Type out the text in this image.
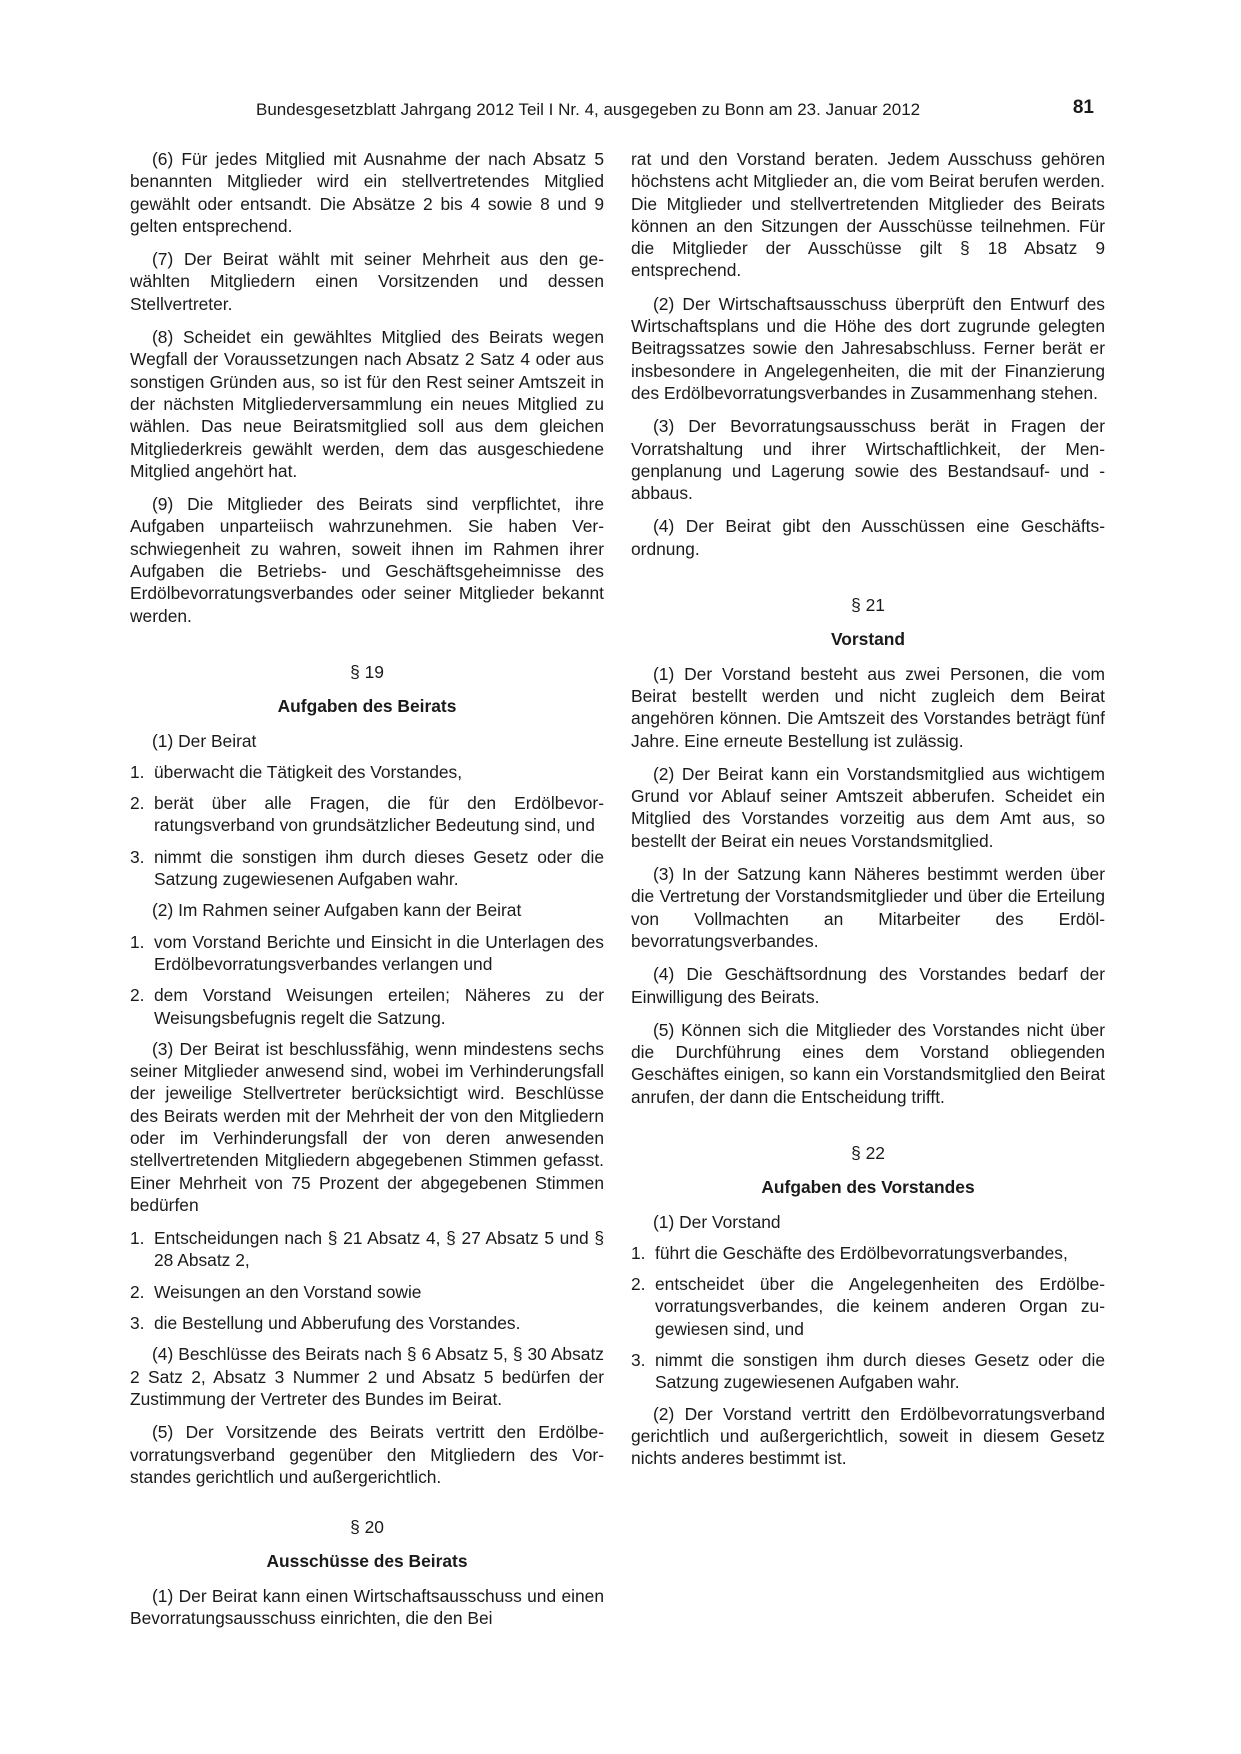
Bundesgesetzblatt Jahrgang 2012 Teil I Nr. 4, ausgegeben zu Bonn am 23. Januar 2012	81

(6) Für jedes Mitglied mit Ausnahme der nach Absatz 5 benannten Mitglieder wird ein stellvertretendes Mitglied gewählt oder entsandt. Die Absätze 2 bis 4 sowie 8 und 9 gelten entsprechend.

(7) Der Beirat wählt mit seiner Mehrheit aus den gewählten Mitgliedern einen Vorsitzenden und dessen Stellvertreter.

(8) Scheidet ein gewähltes Mitglied des Beirats wegen Wegfall der Voraussetzungen nach Absatz 2 Satz 4 oder aus sonstigen Gründen aus, so ist für den Rest seiner Amtszeit in der nächsten Mitgliederversammlung ein neues Mitglied zu wählen. Das neue Beiratsmitglied soll aus dem gleichen Mitgliederkreis gewählt werden, dem das ausgeschiedene Mitglied angehört hat.

(9) Die Mitglieder des Beirats sind verpflichtet, ihre Aufgaben unparteiisch wahrzunehmen. Sie haben Verschwiegenheit zu wahren, soweit ihnen im Rahmen ihrer Aufgaben die Betriebs- und Geschäftsgeheimnisse des Erdölbevorratungsverbandes oder seiner Mitglieder bekannt werden.

§ 19
Aufgaben des Beirats
(1) Der Beirat
1. überwacht die Tätigkeit des Vorstandes,
2. berät über alle Fragen, die für den Erdölbevorratungsverband von grundsätzlicher Bedeutung sind, und
3. nimmt die sonstigen ihm durch dieses Gesetz oder die Satzung zugewiesenen Aufgaben wahr.
(2) Im Rahmen seiner Aufgaben kann der Beirat
1. vom Vorstand Berichte und Einsicht in die Unterlagen des Erdölbevorratungsverbandes verlangen und
2. dem Vorstand Weisungen erteilen; Näheres zu der Weisungsbefugnis regelt die Satzung.

(3) Der Beirat ist beschlussfähig, wenn mindestens sechs seiner Mitglieder anwesend sind, wobei im Verhinderungsfall der jeweilige Stellvertreter berücksichtigt wird. Beschlüsse des Beirats werden mit der Mehrheit der von den Mitgliedern oder im Verhinderungsfall der von deren anwesenden stellvertretenden Mitgliedern abgegebenen Stimmen gefasst. Einer Mehrheit von 75 Prozent der abgegebenen Stimmen bedürfen

1. Entscheidungen nach § 21 Absatz 4, § 27 Absatz 5 und § 28 Absatz 2,
2. Weisungen an den Vorstand sowie
3. die Bestellung und Abberufung des Vorstandes.

(4) Beschlüsse des Beirats nach § 6 Absatz 5, § 30 Absatz 2 Satz 2, Absatz 3 Nummer 2 und Absatz 5 bedürfen der Zustimmung der Vertreter des Bundes im Beirat.

(5) Der Vorsitzende des Beirats vertritt den Erdölbevorratungsverband gegenüber den Mitgliedern des Vorstandes gerichtlich und außergerichtlich.

§ 20
Ausschüsse des Beirats

(1) Der Beirat kann einen Wirtschaftsausschuss und einen Bevorratungsausschuss einrichten, die den Bei

rat und den Vorstand beraten. Jedem Ausschuss gehören höchstens acht Mitglieder an, die vom Beirat berufen werden. Die Mitglieder und stellvertretenden Mitglieder des Beirats können an den Sitzungen der Ausschüsse teilnehmen. Für die Mitglieder der Ausschüsse gilt § 18 Absatz 9 entsprechend.

(2) Der Wirtschaftsausschuss überprüft den Entwurf des Wirtschaftsplans und die Höhe des dort zugrunde gelegten Beitragssatzes sowie den Jahresabschluss. Ferner berät er insbesondere in Angelegenheiten, die mit der Finanzierung des Erdölbevorratungsverbandes in Zusammenhang stehen.

(3) Der Bevorratungsausschuss berät in Fragen der Vorratshaltung und ihrer Wirtschaftlichkeit, der Mengenplanung und Lagerung sowie des Bestandsauf- und -abbaus.

(4) Der Beirat gibt den Ausschüssen eine Geschäftsordnung.

§ 21
Vorstand

(1) Der Vorstand besteht aus zwei Personen, die vom Beirat bestellt werden und nicht zugleich dem Beirat angehören können. Die Amtszeit des Vorstandes beträgt fünf Jahre. Eine erneute Bestellung ist zulässig.

(2) Der Beirat kann ein Vorstandsmitglied aus wichtigem Grund vor Ablauf seiner Amtszeit abberufen. Scheidet ein Mitglied des Vorstandes vorzeitig aus dem Amt aus, so bestellt der Beirat ein neues Vorstandsmitglied.

(3) In der Satzung kann Näheres bestimmt werden über die Vertretung der Vorstandsmitglieder und über die Erteilung von Vollmachten an Mitarbeiter des Erdölbevorratungsverbandes.

(4) Die Geschäftsordnung des Vorstandes bedarf der Einwilligung des Beirats.

(5) Können sich die Mitglieder des Vorstandes nicht über die Durchführung eines dem Vorstand obliegenden Geschäftes einigen, so kann ein Vorstandsmitglied den Beirat anrufen, der dann die Entscheidung trifft.

§ 22
Aufgaben des Vorstandes
(1) Der Vorstand
1. führt die Geschäfte des Erdölbevorratungsverbandes,
2. entscheidet über die Angelegenheiten des Erdölbevorratungsverbandes, die keinem anderen Organ zugewiesen sind, und
3. nimmt die sonstigen ihm durch dieses Gesetz oder die Satzung zugewiesenen Aufgaben wahr.

(2) Der Vorstand vertritt den Erdölbevorratungsverband gerichtlich und außergerichtlich, soweit in diesem Gesetz nichts anderes bestimmt ist.
